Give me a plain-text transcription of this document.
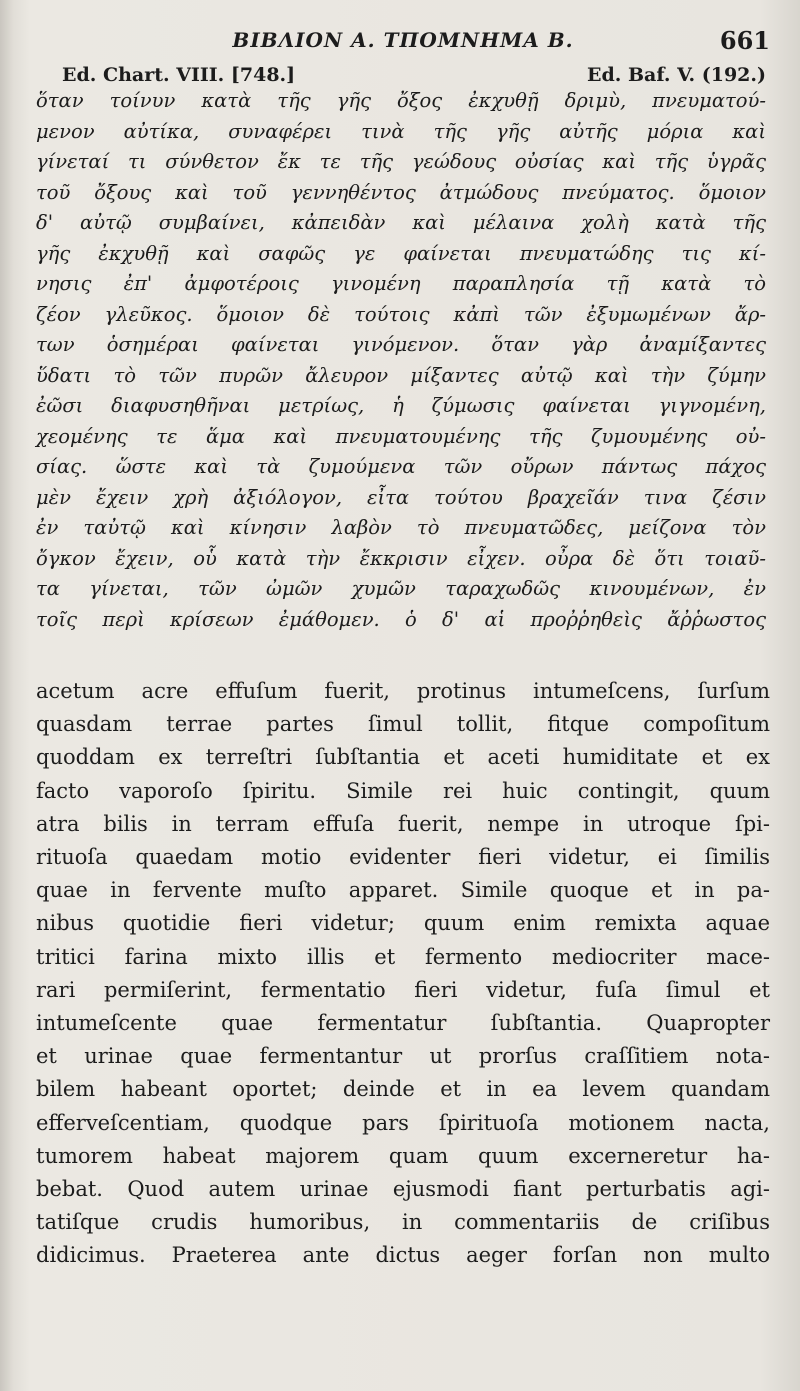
ΒΙΒΛΙΟΝ Α. ΤΠΟΜΝΗΜΑ Β.	661
Ed. Chart. VIII. [748.]	Ed. Baf. V. (192.)
ὅταν τοίνυν κατὰ τῆς γῆς ὄξος ἐκχυθῇ δριμὺ, πνευματού-
μενον αὐτίκα, συναφέρει τινὰ τῆς γῆς αὐτῆς μόρια καὶ
γίνεταί τι σύνθετον ἔκ τε τῆς γεώδους οὐσίας καὶ τῆς ὑγρᾶς
τοῦ ὄξους καὶ τοῦ γεννηθέντος ἀτμώδους πνεύματος. ὅμοιον
δ' αὐτῷ συμβαίνει, κἀπειδὰν καὶ μέλαινα χολὴ κατὰ τῆς
γῆς ἐκχυθῇ καὶ σαφῶς γε φαίνεται πνευματώδης τις κί-
νησις ἐπ' ἀμφοτέροις γινομένη παραπλησία τῇ κατὰ τὸ
ζέον γλεῦκος. ὅμοιον δὲ τούτοις κἀπὶ τῶν ἐξυμωμένων ἄρ-
των ὁσημέραι φαίνεται γινόμενον. ὅταν γὰρ ἀναμίξαντες
ὕδατι τὸ τῶν πυρῶν ἄλευρον μίξαντες αὐτῷ καὶ τὴν ζύμην
ἐῶσι διαφυσηθῆναι μετρίως, ἡ ζύμωσις φαίνεται γιγνομένη,
χεομένης τε ἅμα καὶ πνευματουμένης τῆς ζυμουμένης οὐ-
σίας. ὥστε καὶ τὰ ζυμούμενα τῶν οὔρων πάντως πάχος
μὲν ἔχειν χρὴ ἀξιόλογον, εἶτα τούτου βραχεῖάν τινα ζέσιν
ἐν ταὐτῷ καὶ κίνησιν λαβὸν τὸ πνευματῶδες, μείζονα τὸν
ὄγκον ἔχειν, οὗ κατὰ τὴν ἔκκρισιν εἶχεν. οὖρα δὲ ὅτι τοιαῦ-
τα γίνεται, τῶν ὠμῶν χυμῶν ταραχωδῶς κινουμένων, ἐν
τοῖς περὶ κρίσεων ἐμάθομεν. ὁ δ' αἱ προῤῥηθεὶς ἄῤῥωστος
acetum acre effuſum fuerit, protinus intumeſcens, ſurſum
quasdam terrae partes ſimul tollit, fitque compoſitum
quoddam ex terreſtri ſubſtantia et aceti humiditate et ex
facto vaporoſo ſpiritu. Simile rei huic contingit, quum
atra bilis in terram effuſa fuerit, nempe in utroque ſpi-
rituoſa quaedam motio evidenter fieri videtur, ei ſimilis
quae in fervente muſto apparet. Simile quoque et in pa-
nibus quotidie fieri videtur; quum enim remixta aquae
tritici farina mixto illis et fermento mediocriter mace-
rari permiſerint, fermentatio fieri videtur, fuſa ſimul et
intumeſcente quae fermentatur ſubſtantia. Quapropter
et urinae quae fermentantur ut prorſus craſſitiem nota-
bilem habeant oportet; deinde et in ea levem quandam
efferveſcentiam, quodque pars ſpirituoſa motionem nacta,
tumorem habeat majorem quam quum excerneretur ha-
bebat. Quod autem urinae ejusmodi fiant perturbatis agi-
tatiſque crudis humoribus, in commentariis de criſibus
didicimus. Praeterea ante dictus aeger forſan non multo
